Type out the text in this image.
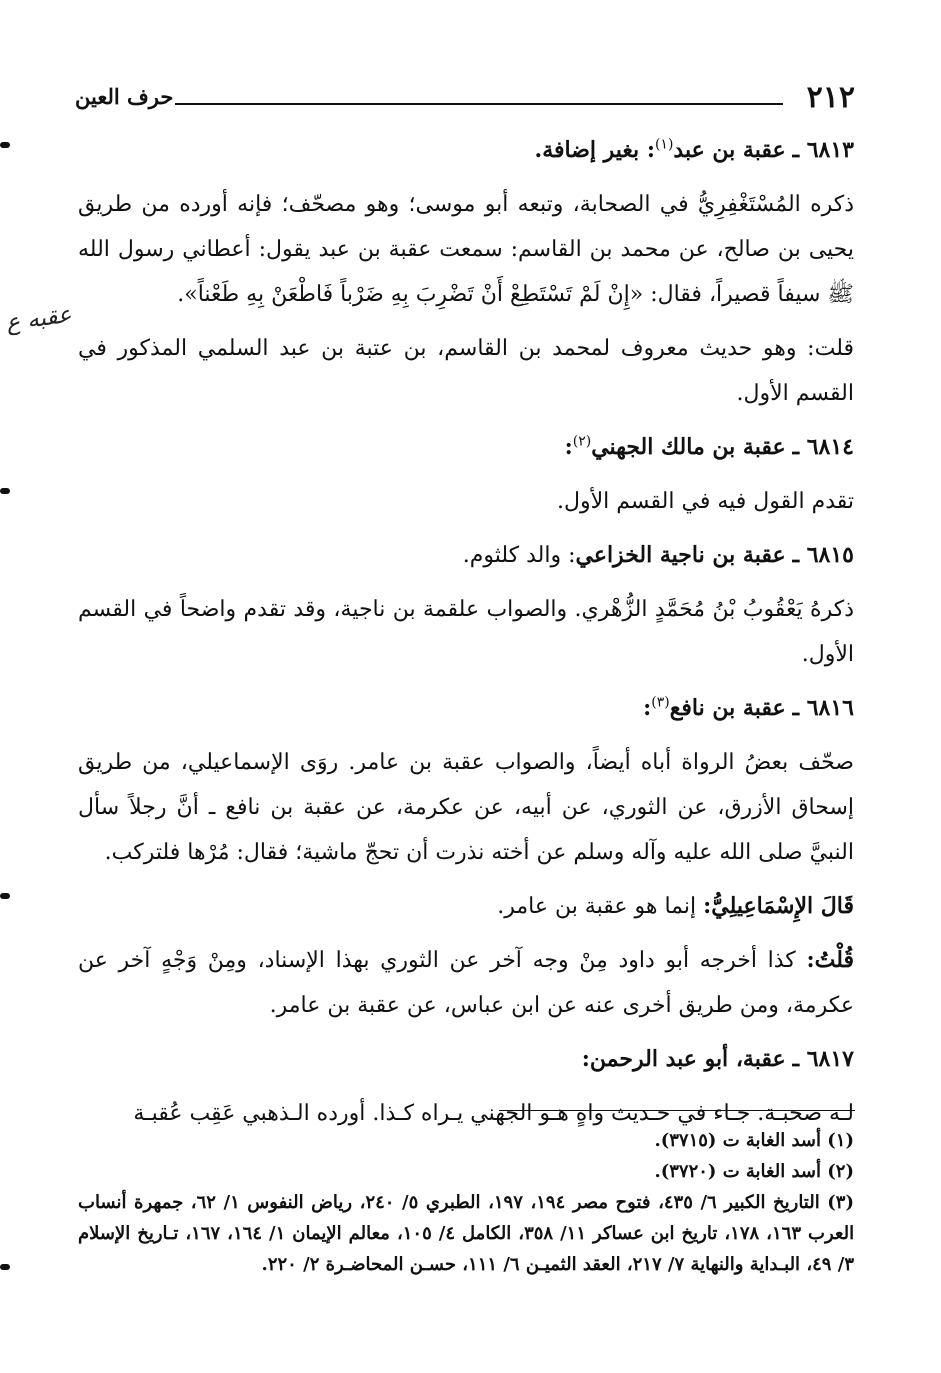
٢١٢
حرف العين
عقبه ع

٦٨١٣ ـ عقبة بن عبد$^{(١)}$: بغير إضافة.

ذكره المُسْتَغْفِرِيُّ في الصحابة، وتبعه أبو موسى؛ وهو مصحّف؛ فإنه أورده من طريق يحيى بن صالح، عن محمد بن القاسم: سمعت عقبة بن عبد يقول: أعطاني رسول الله ﷺ سيفاً قصيراً، فقال: «إِنْ لَمْ تَسْتَطِعْ أَنْ تَضْرِبَ بِهِ ضَرْباً فَاطْعَنْ بِهِ طَعْناً».

قلت: وهو حديث معروف لمحمد بن القاسم، بن عتبة بن عبد السلمي المذكور في القسم الأول.

٦٨١٤ ـ عقبة بن مالك الجهني$^{(٢)}$:

تقدم القول فيه في القسم الأول.

٦٨١٥ ـ عقبة بن ناجية الخزاعي: والد كلثوم.

ذكرهُ يَعْقُوبُ بْنُ مُحَمَّدٍ الزُّهْري. والصواب علقمة بن ناجية، وقد تقدم واضحاً في القسم الأول.

٦٨١٦ ـ عقبة بن نافع$^{(٣)}$:

صحّف بعضُ الرواة أباه أيضاً، والصواب عقبة بن عامر. روَى الإسماعيلي، من طريق إسحاق الأزرق، عن الثوري، عن أبيه، عن عكرمة، عن عقبة بن نافع ـ أنَّ رجلاً سأل النبيَّ صلى الله عليه وآله وسلم عن أخته نذرت أن تحجّ ماشية؛ فقال: مُرْها فلتركب.

قَالَ الإِسْمَاعِيلِيُّ: إنما هو عقبة بن عامر.

قُلْتُ: كذا أخرجه أبو داود مِنْ وجه آخر عن الثوري بهذا الإسناد، ومِنْ وَجْهٍ آخر عن عكرمة، ومن طريق أخرى عنه عن ابن عباس، عن عقبة بن عامر.

٦٨١٧ ـ عقبة، أبو عبد الرحمن:

لـه صحبـة. جـاء في حـديث واهٍ هـو الجهني يـراه كـذا. أورده الـذهبي عَقِب عُقبـة

(١) أسد الغابة ت (٣٧١٥).
(٢) أسد الغابة ت (٣٧٢٠).
(٣) التاريخ الكبير ٦/ ٤٣٥، فتوح مصر ١٩٤، ١٩٧، الطبري ٥/ ٢٤٠، رياض النفوس ١/ ٦٢، جمهرة أنساب العرب ١٦٣، ١٧٨، تاريخ ابن عساكر ١١/ ٣٥٨، الكامل ٤/ ١٠٥، معالم الإيمان ١/ ١٦٤، ١٦٧، تـاريخ الإسلام ٣/ ٤٩، البـداية والنهاية ٧/ ٢١٧، العقد الثميـن ٦/ ١١١، حسـن المحاضـرة ٢/ ٢٢٠.
